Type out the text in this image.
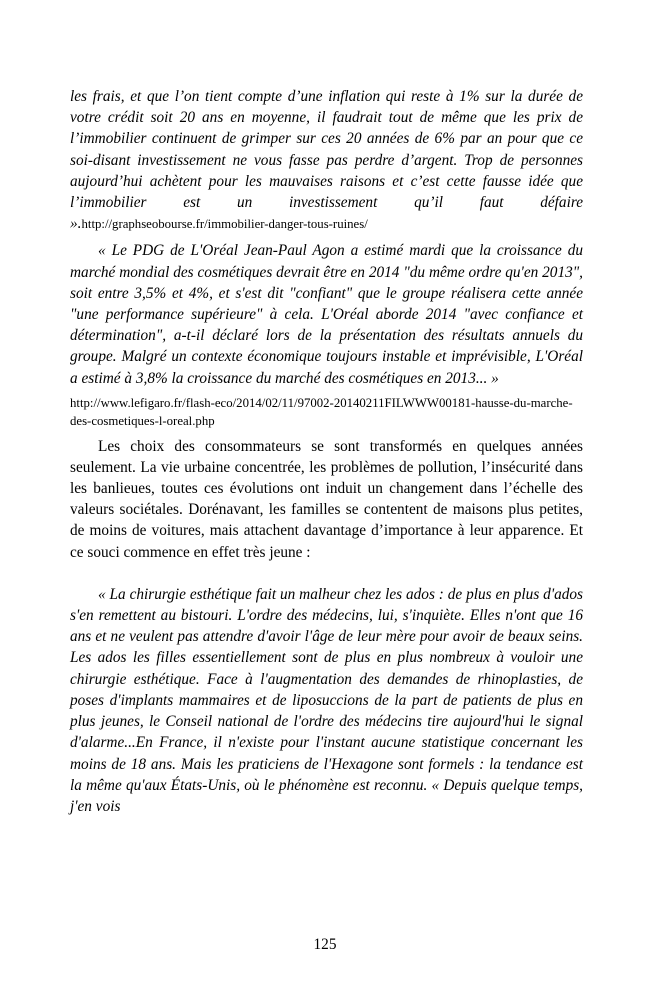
les frais, et que l’on tient compte d’une inflation qui reste à 1% sur la durée de votre crédit soit 20 ans en moyenne, il faudrait tout de même que les prix de l’immobilier continuent de grimper sur ces 20 années de 6% par an pour que ce soi-disant investissement ne vous fasse pas perdre d’argent. Trop de personnes aujourd’hui achètent pour les mauvaises raisons et c’est cette fausse idée que l’immobilier est un investissement qu’il faut défaire ».http://graphseobourse.fr/immobilier-danger-tous-ruines/

« Le PDG de L'Oréal Jean-Paul Agon a estimé mardi que la croissance du marché mondial des cosmétiques devrait être en 2014 "du même ordre qu'en 2013", soit entre 3,5% et 4%, et s'est dit "confiant" que le groupe réalisera cette année "une performance supérieure" à cela. L'Oréal aborde 2014 "avec confiance et détermination", a-t-il déclaré lors de la présentation des résultats annuels du groupe. Malgré un contexte économique toujours instable et imprévisible, L'Oréal a estimé à 3,8% la croissance du marché des cosmétiques en 2013... »

http://www.lefigaro.fr/flash-eco/2014/02/11/97002-20140211FILWWW00181-hausse-du-marche-des-cosmetiques-l-oreal.php

Les choix des consommateurs se sont transformés en quelques années seulement. La vie urbaine concentrée, les problèmes de pollution, l’insécurité dans les banlieues, toutes ces évolutions ont induit un changement dans l’échelle des valeurs sociétales. Dorénavant, les familles se contentent de maisons plus petites, de moins de voitures, mais attachent davantage d’importance à leur apparence. Et ce souci commence en effet très jeune :

« La chirurgie esthétique fait un malheur chez les ados : de plus en plus d'ados s'en remettent au bistouri. L'ordre des médecins, lui, s'inquiète. Elles n'ont que 16 ans et ne veulent pas attendre d'avoir l'âge de leur mère pour avoir de beaux seins. Les ados les filles essentiellement sont de plus en plus nombreux à vouloir une chirurgie esthétique. Face à l'augmentation des demandes de rhinoplasties, de poses d'implants mammaires et de liposuccions de la part de patients de plus en plus jeunes, le Conseil national de l'ordre des médecins tire aujourd'hui le signal d'alarme...En France, il n'existe pour l'instant aucune statistique concernant les moins de 18 ans. Mais les praticiens de l'Hexagone sont formels : la tendance est la même qu'aux États-Unis, où le phénomène est reconnu. « Depuis quelque temps, j'en vois

125
